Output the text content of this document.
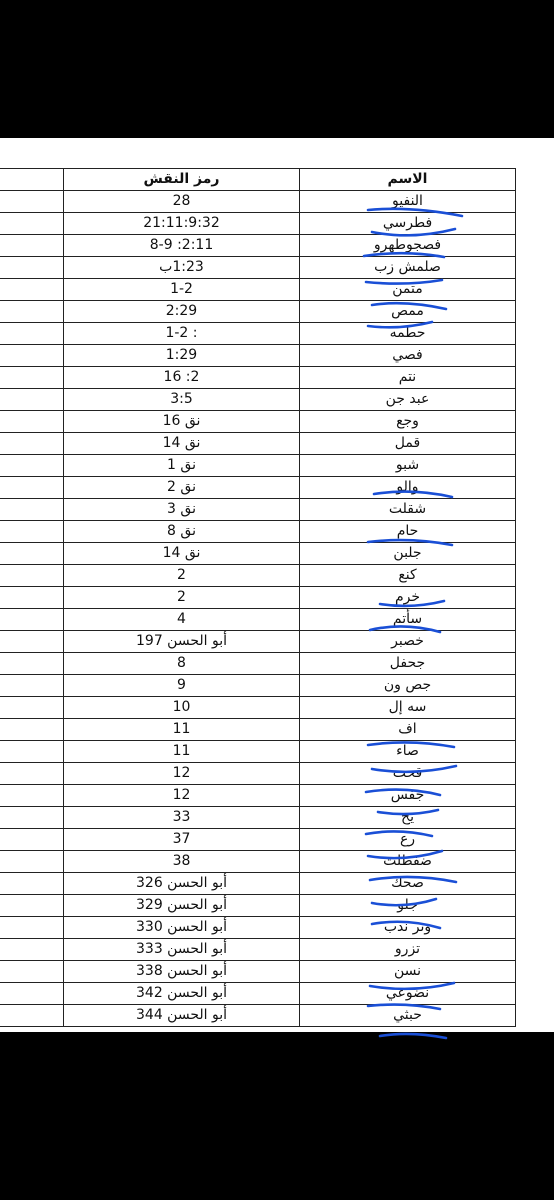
	رمز النقش	الاسم
	28	النفيو
	21:11:9:32	فطرسي
	2:11: 8-9	فصجوطهرو
	1:23ب	صلمش زب
	1-2	متمن
	2:29	ممص
	: 1-2	حطمه
	1:29	فصي
	2: 16	نتم
	3:5	عبد جن
	نق 16	وجع
	نق 14	قمل
	نق 1	شبو
	نق 2	والو
	نق 3	شقلت
	نق 8	حام
	نق 14	جلبن
	2	كنع
	2	خرم
	4	سأتم
	أبو الحسن 197	خصبر
	8	جحفل
	9	جص ون
	10	سه إل
	11	اف
	11	صاء
	12	قحت
	12	جفس
	33	يخ
	37	رع
	38	ضفطلت
	أبو الحسن 326	صحك
	أبو الحسن 329	جلو
	أبو الحسن 330	وتر ندب
	أبو الحسن 333	تزرو
	أبو الحسن 338	نسن
	أبو الحسن 342	نضوعي
	أبو الحسن 344	حبثي
